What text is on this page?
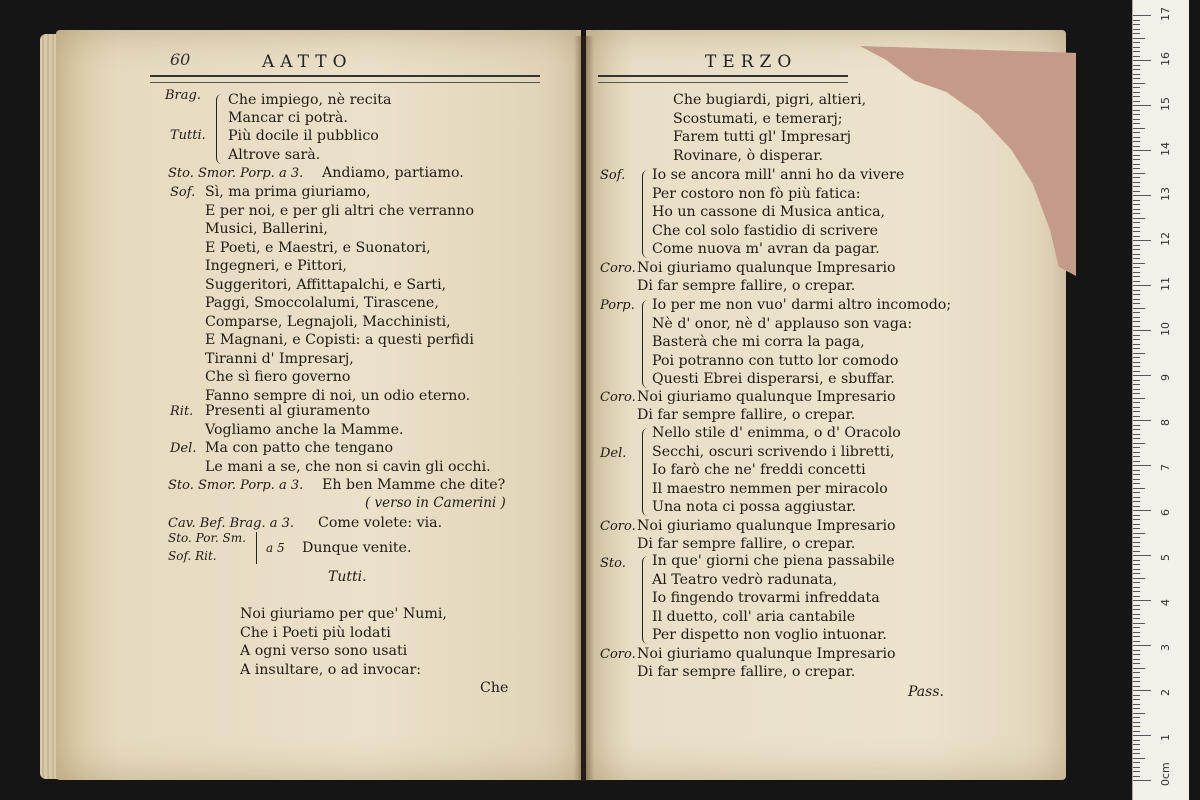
60	AATTO
Brag.
Tutti.
Che impiego, nè recita
Mancar ci potrà.
Più docile il pubblico
Altrove sarà.
Sto. Smor. Porp. a 3. Andiamo, partiamo.
Sof. Sì, ma prima giuriamo,
E per noi, e per gli altri che verranno
Musici, Ballerini,
E Poeti, e Maestri, e Suonatori,
Ingegneri, e Pittori,
Suggeritori, Affittapalchi, e Sarti,
Paggi, Smoccolalumi, Tirascene,
Comparse, Legnajoli, Macchinisti,
E Magnani, e Copisti: a questi perfidi
Tiranni d' Impresarj,
Che sì fiero governo
Fanno sempre di noi, un odio eterno.
Rit. Presenti al giuramento
Vogliamo anche la Mamme.
Del. Ma con patto che tengano
Le mani a se, che non si cavin gli occhi.
Sto. Smor. Porp. a 3. Eh ben Mamme che dite?
( verso in Camerini )
Cav. Bef. Brag. a 3. Come volete: via.
Sto. Por. Sm.
Sof. Rit.
a 5 Dunque venite.
Tutti.
Noi giuriamo per que' Numi,
Che i Poeti più lodati
A ogni verso sono usati
A insultare, o ad invocar:
Che
TERZO
Che bugiardi, pigri, altieri,
Scostumati, e temerarj;
Farem tutti gl' Impresarj
Rovinare, ò disperar.
Sof. Io se ancora mill' anni ho da vivere
Per costoro non fò più fatica:
Ho un cassone di Musica antica,
Che col solo fastidio di scrivere
Come nuova m' avran da pagar.
Coro. Noi giuriamo qualunque Impresario
Di far sempre fallire, o crepar.
Porp. Io per me non vuo' darmi altro incomodo;
Nè d' onor, nè d' applauso son vaga:
Basterà che mi corra la paga,
Poi potranno con tutto lor comodo
Questi Ebrei disperarsi, e sbuffar.
Coro. Noi giuriamo qualunque Impresario
Di far sempre fallire, o crepar.
Del.
Nello stile d' enimma, o d' Oracolo
Secchi, oscuri scrivendo i libretti,
Io farò che ne' freddi concetti
Il maestro nemmen per miracolo
Una nota ci possa aggiustar.
Coro. Noi giuriamo qualunque Impresario
Di far sempre fallire, o crepar.
Sto. In que' giorni che piena passabile
Al Teatro vedrò radunata,
Io fingendo trovarmi infreddata
Il duetto, coll' aria cantabile
Per dispetto non voglio intuonar.
Coro. Noi giuriamo qualunque Impresario
Di far sempre fallire, o crepar.
Pass.
0cm
1
2
3
4
5
6
7
8
9
10
11
12
13
14
15
16
17
